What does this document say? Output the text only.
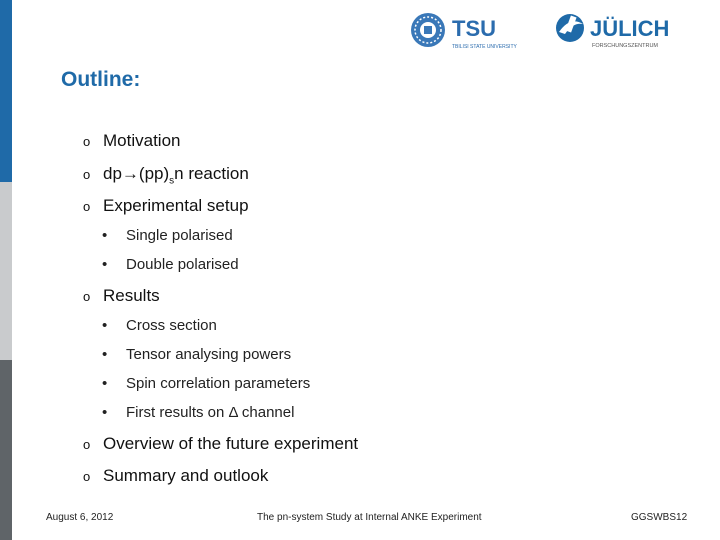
TSU
TBILISI STATE UNIVERSITY
JÜLICH
FORSCHUNGSZENTRUM
Outline:
o Motivation
o $dp\to(pp)_sn$ reaction
o Experimental setup
• Single polarised
• Double polarised
o Results
• Cross section
• Tensor analysing powers
• Spin correlation parameters
• First results on Δ channel
o Overview of the future experiment
o Summary and outlook
August 6, 2012	The pn-system Study at Internal ANKE Experiment	GGSWBS12
